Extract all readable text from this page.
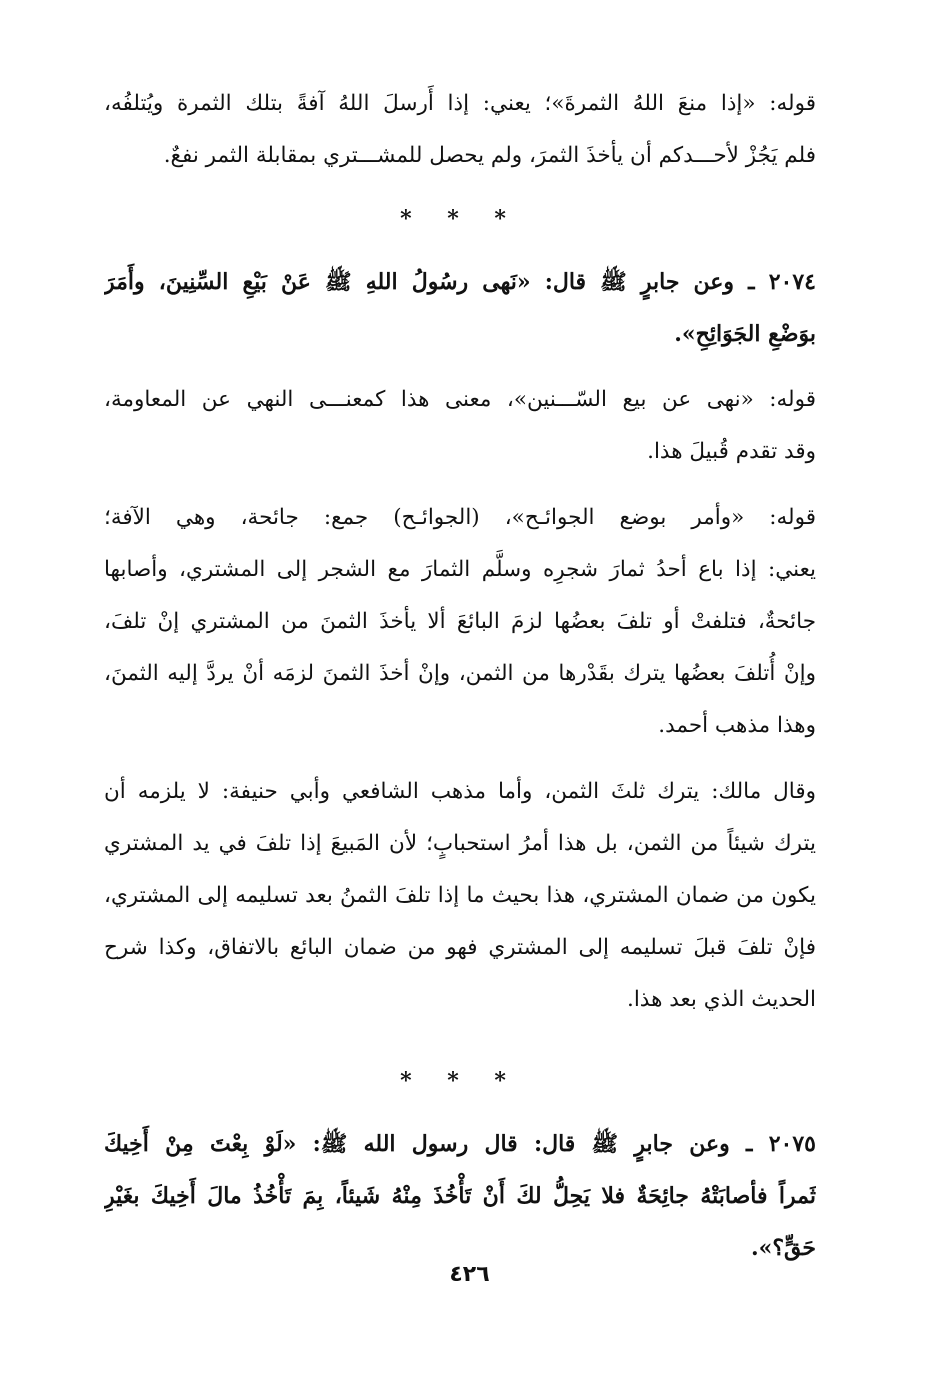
قوله: «إذا منعَ اللهُ الثمرةَ»؛ يعني: إذا أَرسلَ اللهُ آفةً بتلك الثمرة ويُتلفُه،
فلم يَجُزْ لأحـــدكم أن يأخذَ الثمرَ، ولم يحصل للمشـــتري بمقابلة الثمر نفعٌ.

* * *

٢٠٧٤ ـ وعن جابرٍ ﷺ قال: «نَهى رسُولُ اللهِ ﷺ عَنْ بَيْعِ السِّنِينَ، وأَمَرَ
بوَضْعِ الجَوَائِحِ».

قوله: «نهى عن بيع السّـــنين»، معنى هذا كمعنـــى النهي عن المعاومة،
وقد تقدم قُبيلَ هذا.

قوله: «وأمر بوضع الجوائـح»، (الجوائـح) جمع: جائحة، وهي الآفة؛
يعني: إذا باع أحدُ ثمارَ شجرِه وسلَّم الثمارَ مع الشجر إلى المشتري، وأصابها
جائحةٌ، فتلفتْ أو تلفَ بعضُها لزمَ البائعَ ألا يأخذَ الثمنَ من المشتري إنْ تلفَ،
وإنْ أُتلفَ بعضُها يترك بقَدْرها من الثمن، وإنْ أخذَ الثمنَ لزمَه أنْ يردَّ إليه الثمنَ،
وهذا مذهب أحمد.

وقال مالك: يترك ثلثَ الثمن، وأما مذهب الشافعي وأبي حنيفة: لا يلزمه أن
يترك شيئاً من الثمن، بل هذا أمرُ استحبابٍ؛ لأن المَبيعَ إذا تلفَ في يد المشتري
يكون من ضمان المشتري، هذا بحيث ما إذا تلفَ الثمنُ بعد تسليمه إلى المشتري،
فإنْ تلفَ قبلَ تسليمه إلى المشتري فهو من ضمان البائع بالاتفاق، وكذا شرح
الحديث الذي بعد هذا.

* * *

٢٠٧٥ ـ وعن جابرٍ ﷺ قال: قال رسول الله ﷺ: «لَوْ بِعْتَ مِنْ أَخِيكَ
ثَمراً فأصابَتْهُ جائِحَةٌ فلا يَحِلُّ لكَ أَنْ تَأْخُذَ مِنْهُ شَيئاً، بِمَ تَأْخُذُ مالَ أَخِيكَ بغَيْرِ
حَقٍّ؟».

٤٢٦
